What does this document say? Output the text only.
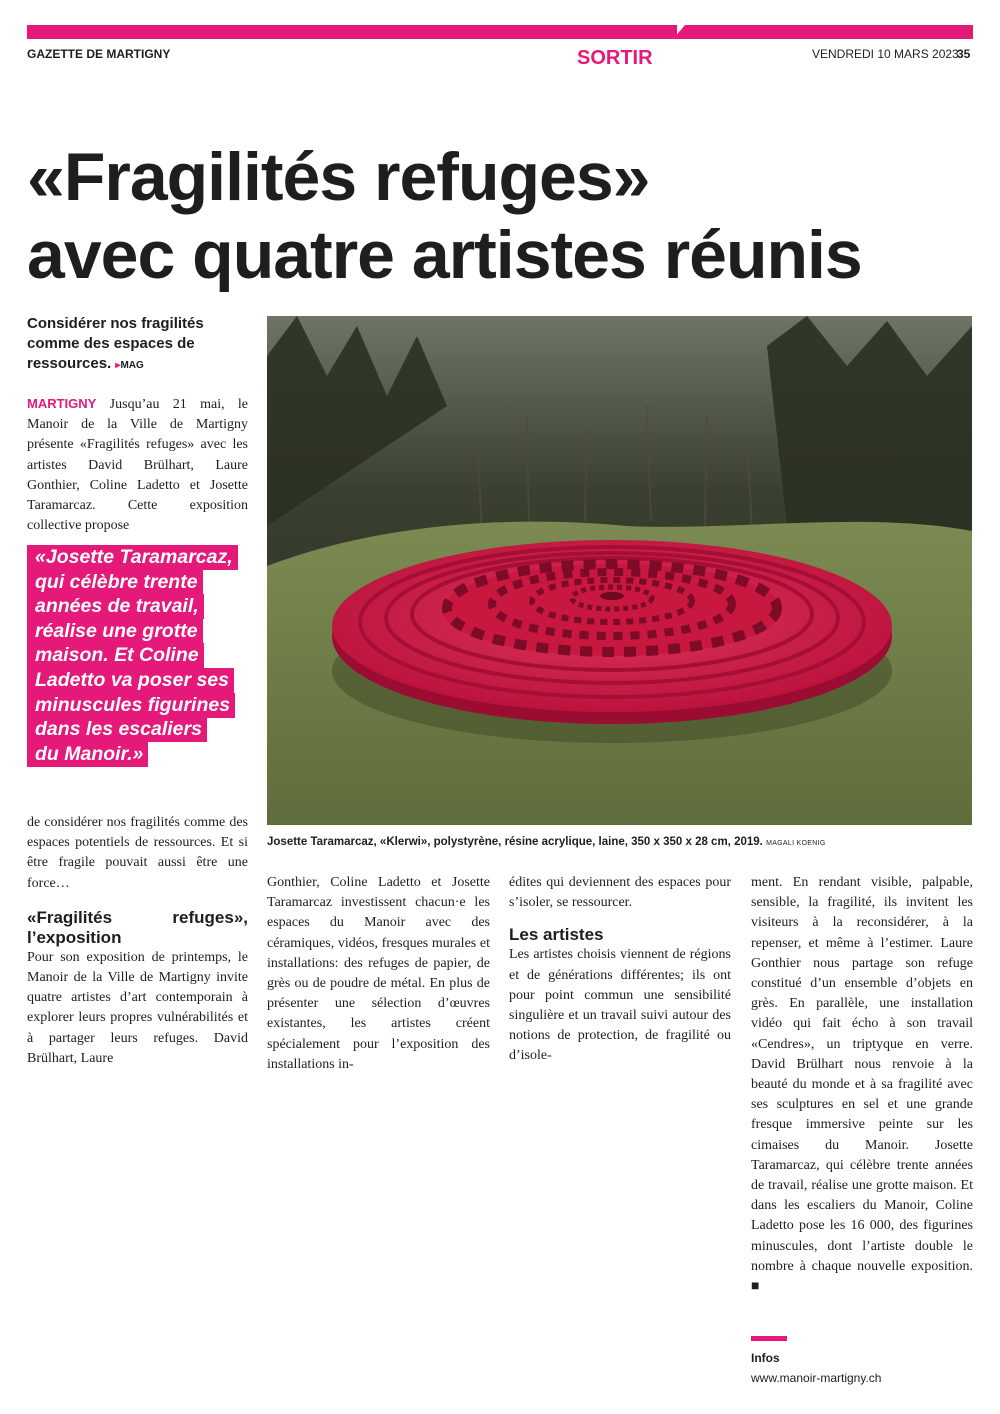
GAZETTE DE MARTIGNY	SORTIR	VENDREDI 10 MARS 2023
35
«Fragilités refuges»
avec quatre artistes réunis
Considérer nos fragilités comme des espaces de ressources. ▸MAG

MARTIGNY Jusqu’au 21 mai, le Manoir de la Ville de Martigny présente «Fragilités refuges» avec les artistes David Brülhart, Laure Gonthier, Coline Ladetto et Josette Taramarcaz. Cette exposition collective propose

«Josette Taramarcaz,
qui célèbre trente
années de travail,
réalise une grotte
maison. Et Coline
Ladetto va poser ses
minuscules figurines
dans les escaliers
du Manoir.»

de considérer nos fragilités comme des espaces potentiels de ressources. Et si être fragile pouvait aussi être une force…

«Fragilités refuges», l’exposition

Pour son exposition de printemps, le Manoir de la Ville de Martigny invite quatre artistes d’art contemporain à explorer leurs propres vulnérabilités et à partager leurs refuges. David Brülhart, Laure

Josette Taramarcaz, «Klerwi», polystyrène, résine acrylique, laine, 350 x 350 x 28 cm, 2019. MAGALI KOENIG

Gonthier, Coline Ladetto et Josette Taramarcaz investissent chacun·e les espaces du Manoir avec des céramiques, vidéos, fresques murales et installations: des refuges de papier, de grès ou de poudre de métal. En plus de présenter une sélection d’œuvres existantes, les artistes créent spécialement pour l’exposition des installations in-

édites qui deviennent des espaces pour s’isoler, se ressourcer.

Les artistes

Les artistes choisis viennent de régions et de générations différentes; ils ont pour point commun une sensibilité singulière et un travail suivi autour des notions de protection, de fragilité ou d’isole-

ment. En rendant visible, palpable, sensible, la fragilité, ils invitent les visiteurs à la reconsidérer, à la repenser, et même à l’estimer. Laure Gonthier nous partage son refuge constitué d’un ensemble d’objets en grès. En parallèle, une installation vidéo qui fait écho à son travail «Cendres», un triptyque en verre. David Brülhart nous renvoie à la beauté du monde et à sa fragilité avec ses sculptures en sel et une grande fresque immersive peinte sur les cimaises du Manoir. Josette Taramarcaz, qui célèbre trente années de travail, réalise une grotte maison. Et dans les escaliers du Manoir, Coline Ladetto pose les 16 000, des figurines minuscules, dont l’artiste double le nombre à chaque nouvelle exposition. ■

Infos
www.manoir-martigny.ch
